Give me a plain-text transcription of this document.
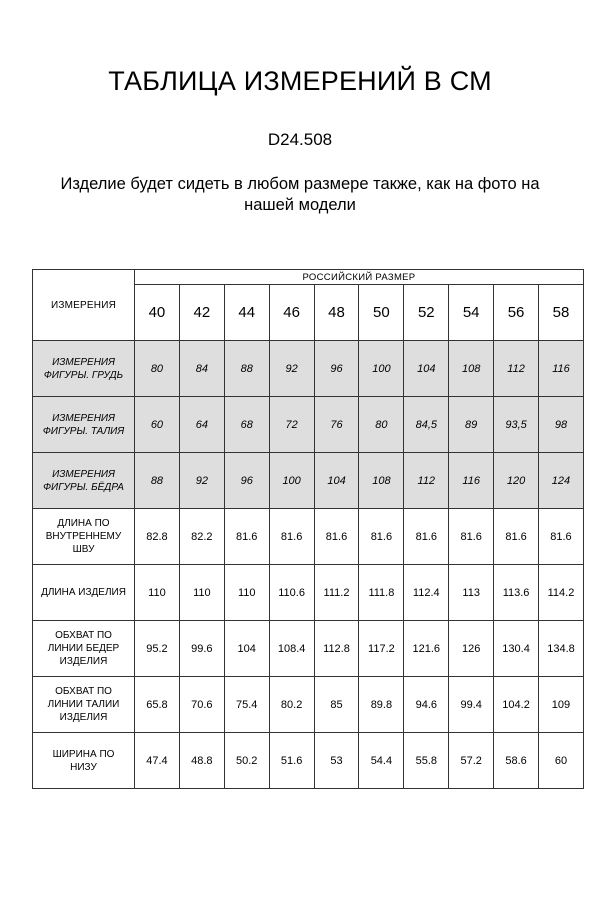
ТАБЛИЦА ИЗМЕРЕНИЙ В СМ
D24.508
Изделие будет сидеть в любом размере также, как на фото на
нашей модели
ИЗМЕРЕНИЯ	РОССИЙСКИЙ РАЗМЕР									
	40	42	44	46	48	50	52	54	56	58
ИЗМЕРЕНИЯ
ФИГУРЫ. ГРУДЬ	80	84	88	92	96	100	104	108	112	116
ИЗМЕРЕНИЯ
ФИГУРЫ. ТАЛИЯ	60	64	68	72	76	80	84,5	89	93,5	98
ИЗМЕРЕНИЯ
ФИГУРЫ. БЁДРА	88	92	96	100	104	108	112	116	120	124
ДЛИНА ПО
ВНУТРЕННЕМУ
ШВУ	82.8	82.2	81.6	81.6	81.6	81.6	81.6	81.6	81.6	81.6
ДЛИНА ИЗДЕЛИЯ	110	110	110	110.6	111.2	111.8	112.4	113	113.6	114.2
ОБХВАТ ПО
ЛИНИИ БЕДЕР
ИЗДЕЛИЯ	95.2	99.6	104	108.4	112.8	117.2	121.6	126	130.4	134.8
ОБХВАТ ПО
ЛИНИИ ТАЛИИ
ИЗДЕЛИЯ	65.8	70.6	75.4	80.2	85	89.8	94.6	99.4	104.2	109
ШИРИНА ПО
НИЗУ	47.4	48.8	50.2	51.6	53	54.4	55.8	57.2	58.6	60
